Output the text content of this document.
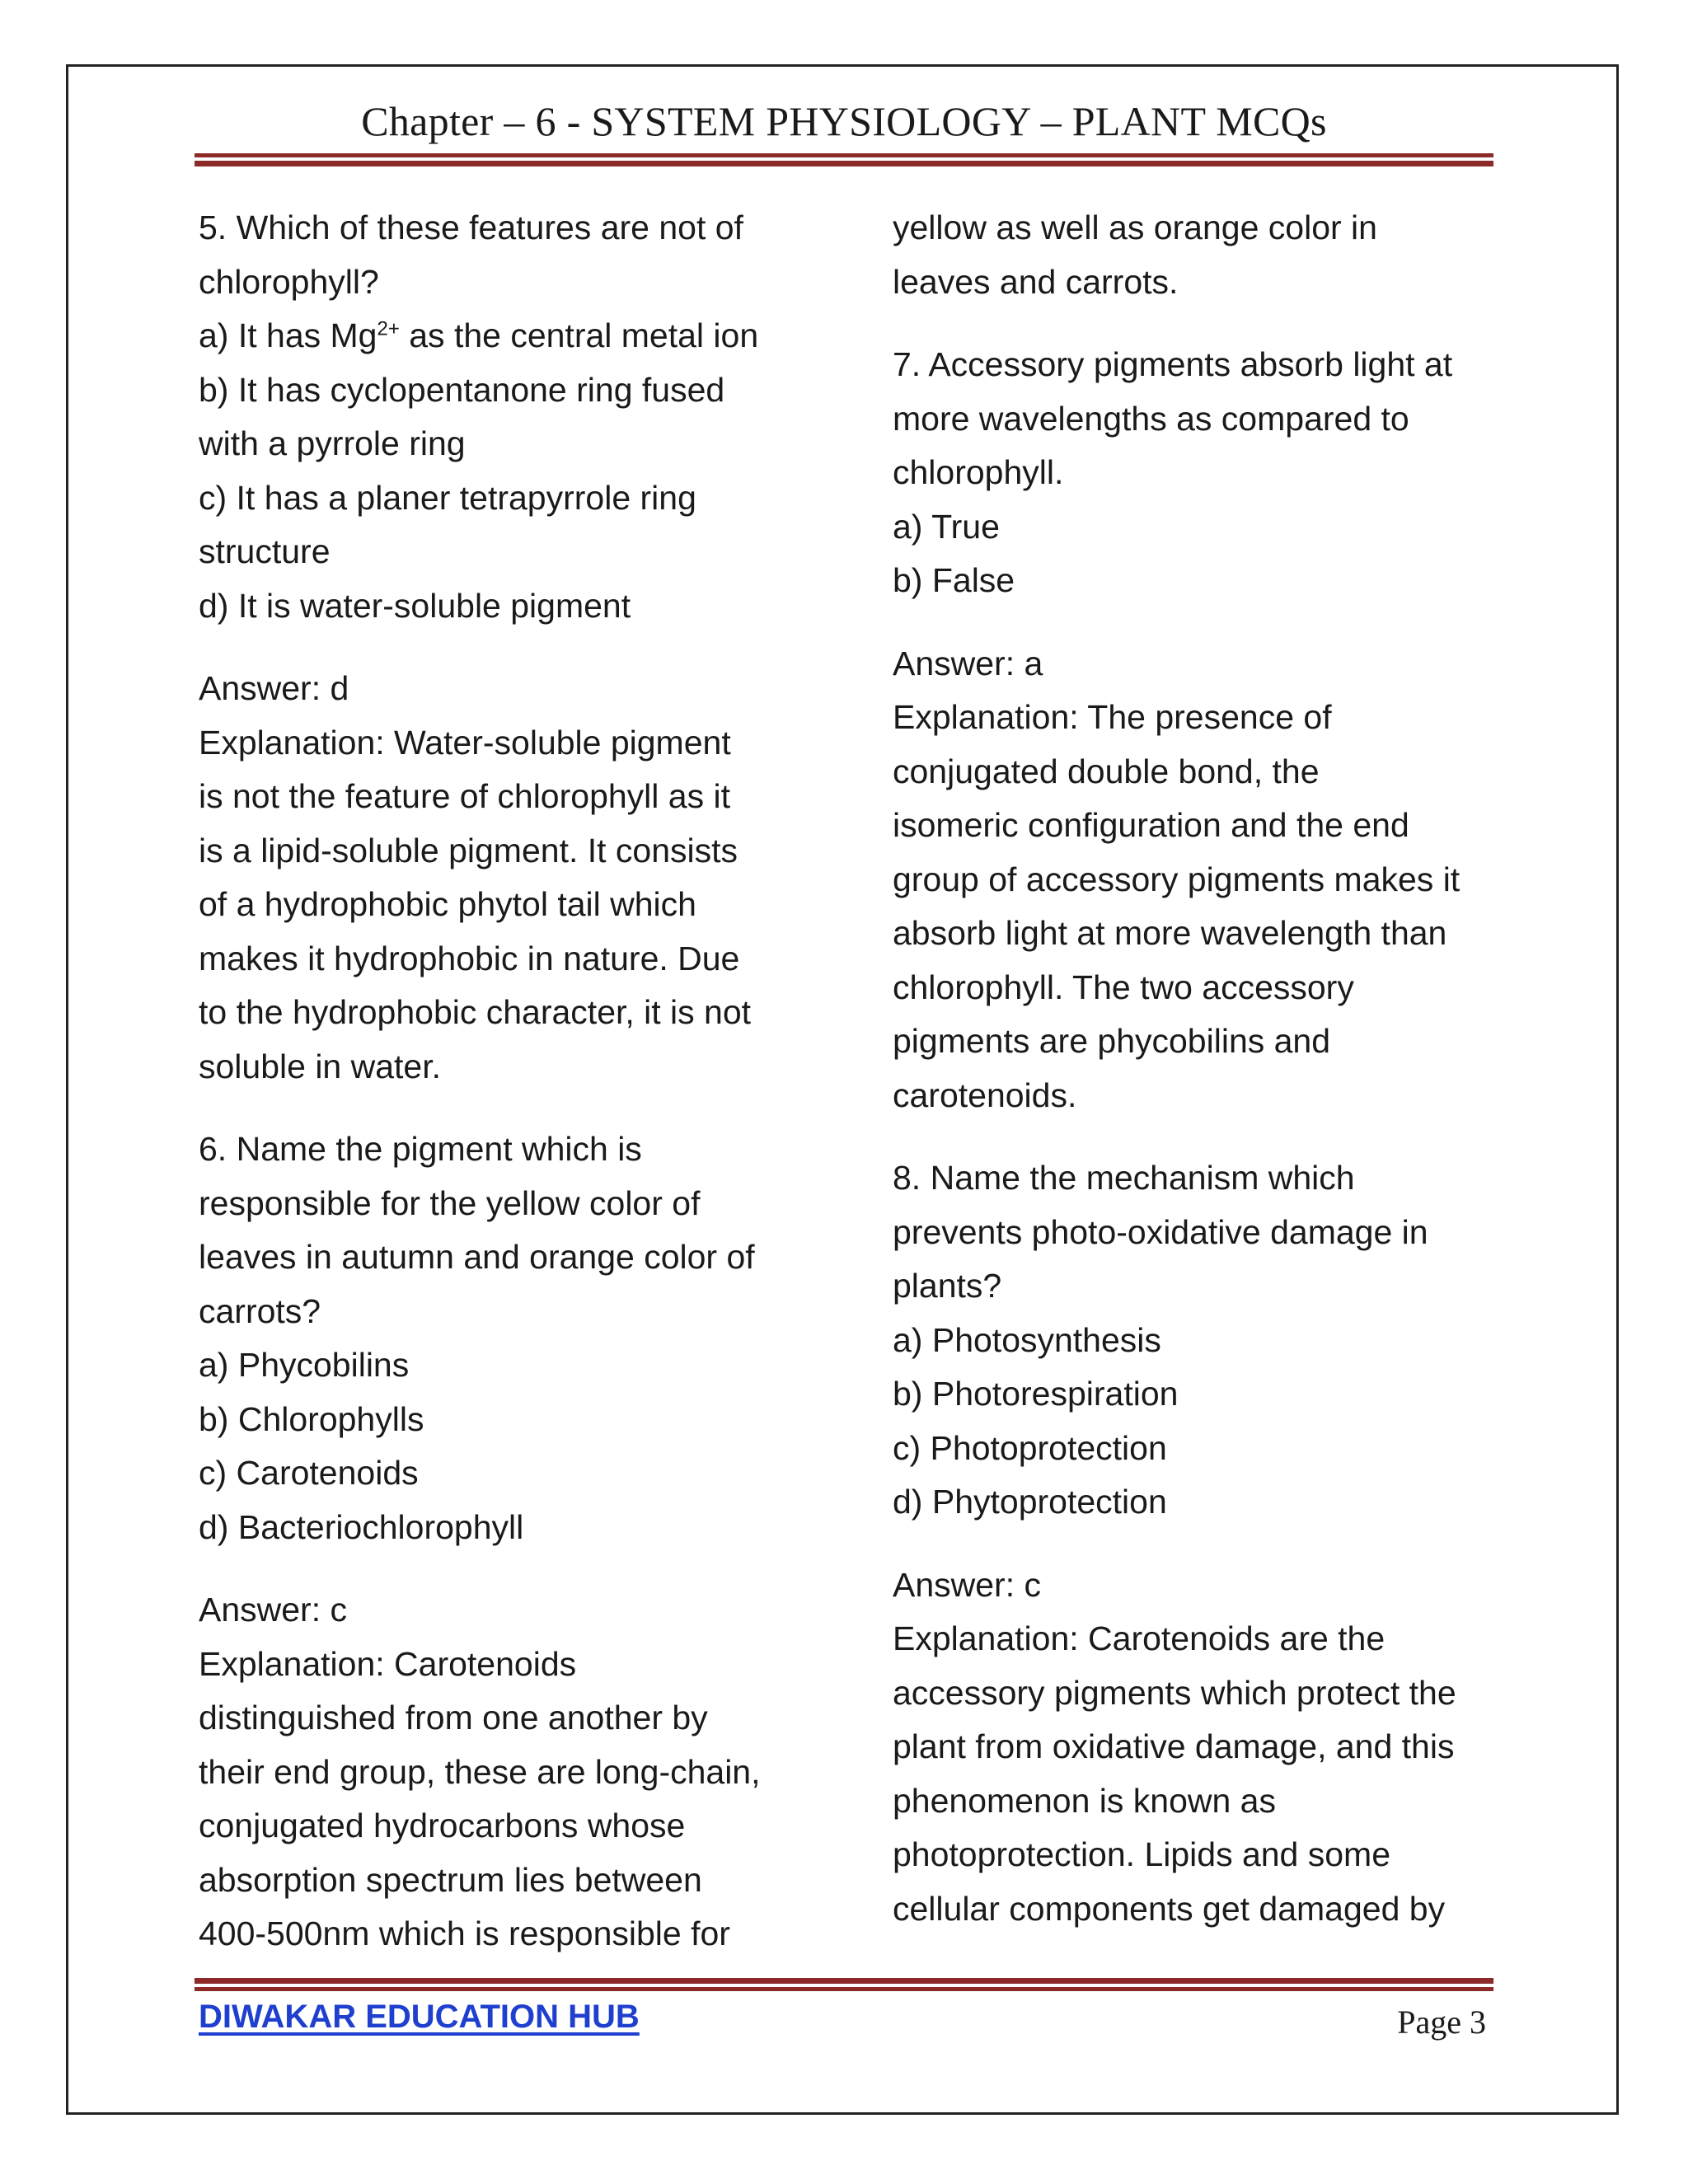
Chapter – 6 - SYSTEM PHYSIOLOGY – PLANT MCQs
5. Which of these features are not of
chlorophyll?
a) It has $Mg^{2+}$ as the central metal ion
b) It has cyclopentanone ring fused
with a pyrrole ring
c) It has a planer tetrapyrrole ring
structure
d) It is water-soluble pigment
Answer: d
Explanation: Water-soluble pigment
is not the feature of chlorophyll as it
is a lipid-soluble pigment. It consists
of a hydrophobic phytol tail which
makes it hydrophobic in nature. Due
to the hydrophobic character, it is not
soluble in water.
6. Name the pigment which is
responsible for the yellow color of
leaves in autumn and orange color of
carrots?
a) Phycobilins
b) Chlorophylls
c) Carotenoids
d) Bacteriochlorophyll
Answer: c
Explanation: Carotenoids
distinguished from one another by
their end group, these are long-chain,
conjugated hydrocarbons whose
absorption spectrum lies between
400-500nm which is responsible for
yellow as well as orange color in
leaves and carrots.
7. Accessory pigments absorb light at
more wavelengths as compared to
chlorophyll.
a) True
b) False
Answer: a
Explanation: The presence of
conjugated double bond, the
isomeric configuration and the end
group of accessory pigments makes it
absorb light at more wavelength than
chlorophyll. The two accessory
pigments are phycobilins and
carotenoids.
8. Name the mechanism which
prevents photo-oxidative damage in
plants?
a) Photosynthesis
b) Photorespiration
c) Photoprotection
d) Phytoprotection
Answer: c
Explanation: Carotenoids are the
accessory pigments which protect the
plant from oxidative damage, and this
phenomenon is known as
photoprotection. Lipids and some
cellular components get damaged by
DIWAKAR EDUCATION HUB	Page 3
